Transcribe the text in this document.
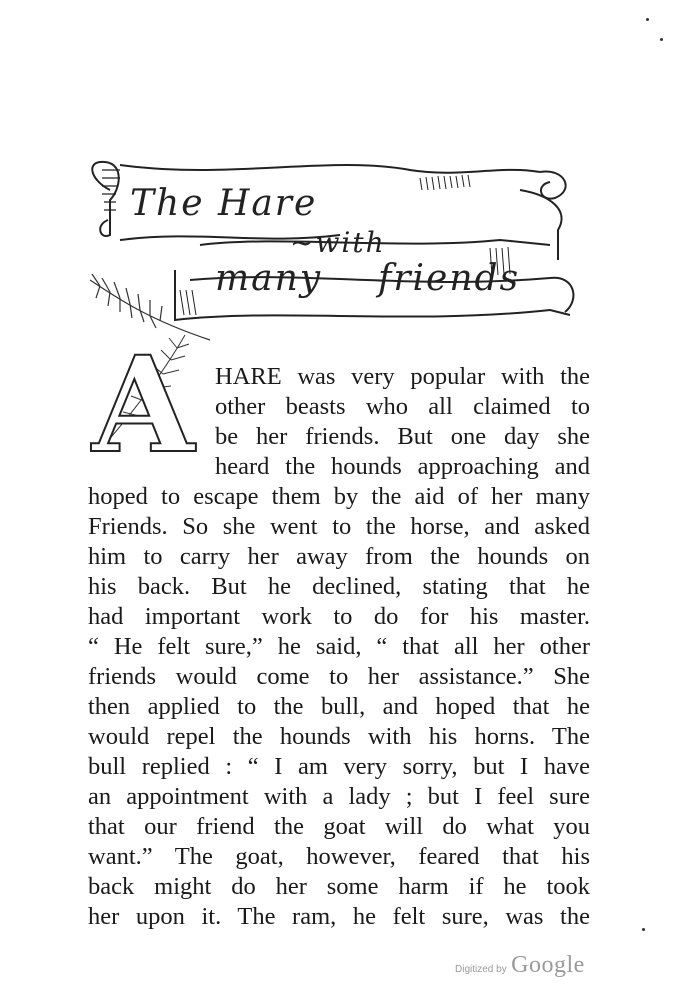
The Hare
~with
many friends
A HARE was very popular with the
other beasts who all claimed to
be her friends. But one day she
heard the hounds approaching and
hoped to escape them by the aid of her many
Friends. So she went to the horse, and asked
him to carry her away from the hounds on
his back. But he declined, stating that he
had important work to do for his master.
“ He felt sure,” he said, “ that all her other
friends would come to her assistance.” She
then applied to the bull, and hoped that he
would repel the hounds with his horns. The
bull replied : “ I am very sorry, but I have
an appointment with a lady ; but I feel sure
that our friend the goat will do what you
want.” The goat, however, feared that his
back might do her some harm if he took
her upon it. The ram, he felt sure, was the
Digitized by Google
